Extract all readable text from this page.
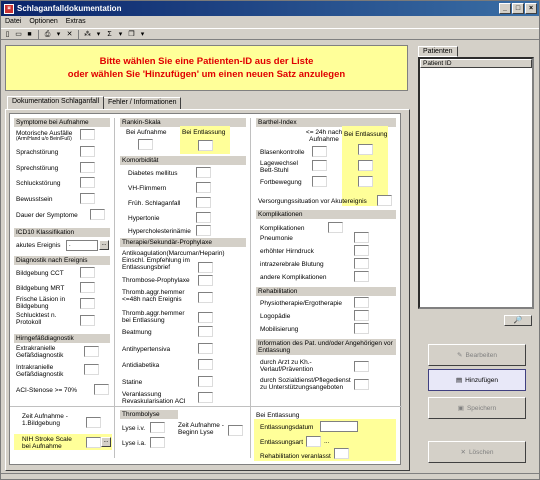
¤ Schlaganfalldokumentation	_	□	×
Datei Optionen Extras
▯ ▭ ■	⎙ ▾ ✕ ⁂ ▾	Σ	▾ ❒ ▾
Bitte wählen Sie eine Patienten-ID aus der Liste
oder wählen Sie 'Hinzufügen' um einen neuen Satz anzulegen
Dokumentation Schlaganfall	Fehler / Informationen
Symptome bei Aufnahme
Motorische Ausfälle
(Arm/Hand u/o Bein/Fuß)
Sprachstörung
Sprechstörung
Schluckstörung
Bewusstsein
Dauer der Symptome
ICD10 Klassifikation
akutes Ereignis	.	...
Diagnostik nach Ereignis
Bildgebung CCT
Bildgebung MRT
Frische Läsion in Bildgebung
Schlucktest n. Protokoll
Hirngefäßdiagnostik
Extrakranielle Gefäßdiagnostik
Intrakranielle Gefäßdiagnostik
ACI-Stenose >= 70%
Zeit Aufnahme - 1.Bildgebung
NIH Stroke Scale bei Aufnahme
...
Rankin-Skala
Bei Aufnahme Bei Entlassung
Komorbidität
Diabetes mellitus
VH-Flimmern
Früh. Schlaganfall
Hypertonie
Hypercholesterinämie
Therapie/Sekundär-Prophylaxe
Antikoagulation(Marcumar/Heparin) Einschl. Empfehlung im Entlassungsbrief
Thrombose-Prophylaxe
Thromb.aggr.hemmer <=48h nach Ereignis
Thromb.aggr.hemmer bei Entlassung
Beatmung
Antihypertensiva
Antidiabetika
Statine
Veranlassung Revaskularisation ACI
Thrombolyse
Lyse i.v.
Lyse i.a.
Zeit Aufnahme - Beginn Lyse
Barthel-Index
<= 24h nach Aufnahme
Bei Entlassung
Blasenkontrolle
Lagewechsel Bett-Stuhl
Fortbewegung
Versorgungssituation vor Akutereignis
Komplikationen
Komplikationen
Pneumonie
erhöhter Hirndruck
intrazerebrale Blutung
andere Komplikationen
Rehabilitation
Physiotherapie/Ergotherapie
Logopädie
Mobilisierung
Information des Pat. und/oder Angehörigen vor Entlassung
durch Arzt zu Kh.-Verlauf/Prävention
durch Sozialdienst/Pflegedienst zu Unterstützungsangeboten
Bei Entlassung
Entlassungsdatum
Entlassungsart	...
Rehabilitation veranlasst
Patienten
Patient ID
🔎
✎ Bearbeiten
▤ Hinzufügen
▣ Speichern
✕ Löschen
